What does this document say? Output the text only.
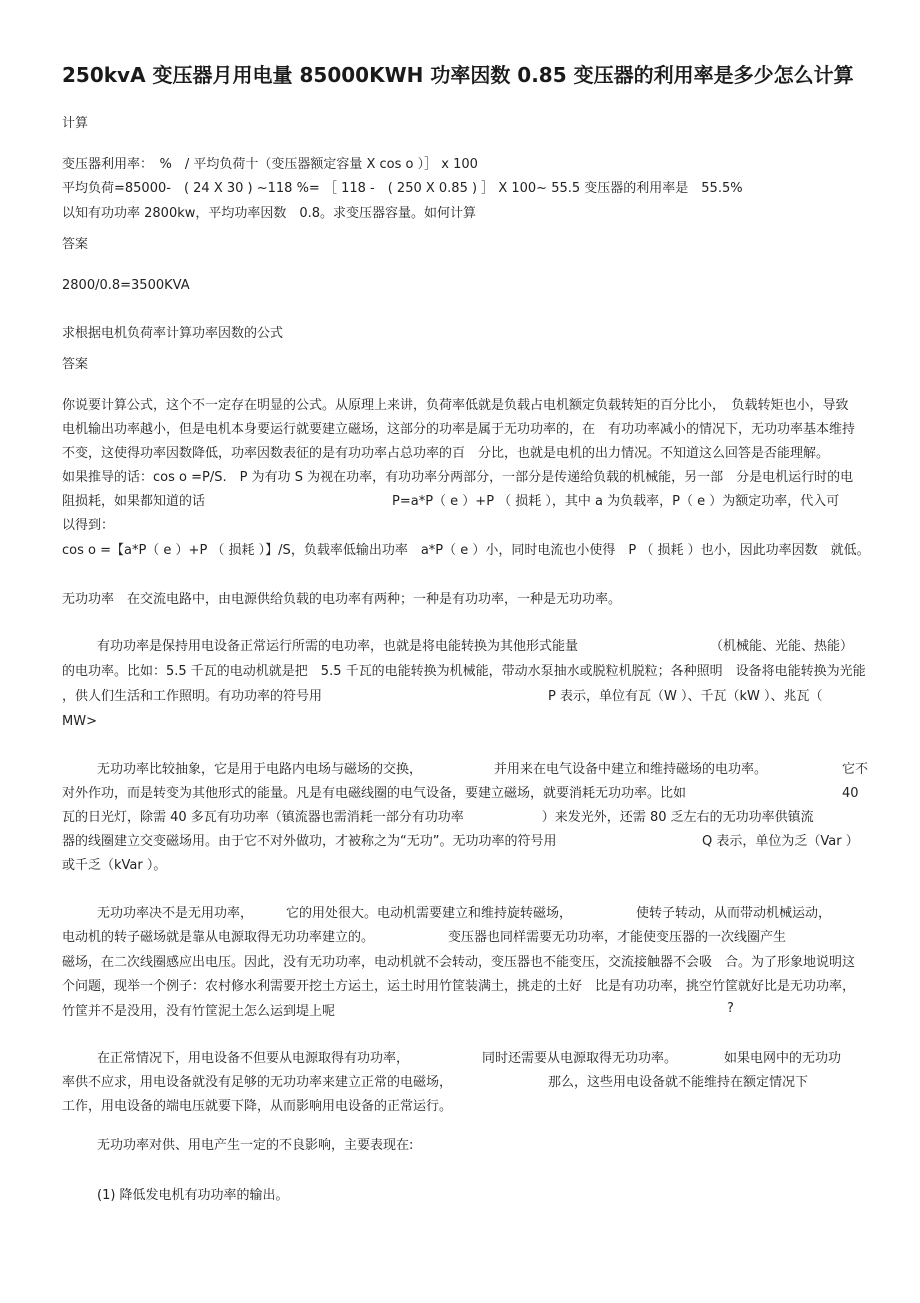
250kvA 变压器月用电量 85000KWH 功率因数 0.85 变压器的利用率是多少怎么计算

计算

变压器利用率：　%　/ 平均负荷十（变压器额定容量 X cos o ）］ x 100

平均负荷=85000-　( 24 X 30 ) ~118 %= ［ 118 -　( 250 X 0.85 ) ］ X 100~ 55.5 变压器的利用率是　55.5%

以知有功功率 2800kw，平均功率因数　0.8。求变压器容量。如何计算

答案

2800/0.8=3500KVA

求根据电机负荷率计算功率因数的公式

答案

你说要计算公式，这个不一定存在明显的公式。从原理上来讲，负荷率低就是负载占电机额定负载转矩的百分比小，　负载转矩也小，导致

电机输出功率越小，但是电机本身要运行就要建立磁场，这部分的功率是属于无功功率的，在　有功功率减小的情况下，无功功率基本维持

不变，这使得功率因数降低，功率因数表征的是有功功率占总功率的百　分比，也就是电机的出力情况。不知道这么回答是否能理解。

如果推导的话：cos o =P/S.　P 为有功 S 为视在功率，有功功率分两部分，一部分是传递给负载的机械能，另一部　分是电机运行时的电

阻损耗，如果都知道的话	P=a*P（ e ）+P （ 损耗 ），其中 a 为负载率，P（ e ）为额定功率，代入可

以得到：

cos o =【a*P（ e ）+P （ 损耗 ）】/S，负载率低输出功率　a*P（ e ）小，同时电流也小使得　P （ 损耗 ）也小，因此功率因数　就低。

无功功率　在交流电路中，由电源供给负载的电功率有两种；一种是有功功率，一种是无功功率。

有功功率是保持用电设备正常运行所需的电功率，也就是将电能转换为其他形式能量	（机械能、光能、热能）

的电功率。比如：5.5 千瓦的电动机就是把　5.5 千瓦的电能转换为机械能，带动水泵抽水或脱粒机脱粒；各种照明　设备将电能转换为光能

，供人们生活和工作照明。有功功率的符号用	P 表示，单位有瓦（W ）、千瓦（kW ）、兆瓦（

MW>

无功功率比较抽象，它是用于电路内电场与磁场的交换，	并用来在电气设备中建立和维持磁场的电功率。	它不

对外作功，而是转变为其他形式的能量。凡是有电磁线圈的电气设备，要建立磁场，就要消耗无功功率。比如	40

瓦的日光灯，除需 40 多瓦有功功率（镇流器也需消耗一部分有功功率　　　　　　）来发光外，还需 80 乏左右的无功功率供镇流

器的线圈建立交变磁场用。由于它不对外做功，才被称之为“无功”。无功功率的符号用	Q 表示，单位为乏（Var ）

或千乏（kVar ）。

无功功率决不是无用功率，	它的用处很大。电动机需要建立和维持旋转磁场，	使转子转动，从而带动机械运动，

电动机的转子磁场就是靠从电源取得无功功率建立的。	变压器也同样需要无功功率，才能使变压器的一次线圈产生

磁场，在二次线圈感应出电压。因此，没有无功功率，电动机就不会转动，变压器也不能变压，交流接触器不会吸　合。为了形象地说明这

个问题，现举一个例子：农村修水利需要开挖土方运土，运土时用竹筐装满土，挑走的土好　比是有功功率，挑空竹筐就好比是无功功率，

竹筐并不是没用，没有竹筐泥土怎么运到堤上呢	?

在正常情况下，用电设备不但要从电源取得有功功率，	同时还需要从电源取得无功功率。	如果电网中的无功功

率供不应求，用电设备就没有足够的无功功率来建立正常的电磁场，	那么，这些用电设备就不能维持在额定情况下

工作，用电设备的端电压就要下降，从而影响用电设备的正常运行。

无功功率对供、用电产生一定的不良影响，主要表现在:

(1) 降低发电机有功功率的输出。
